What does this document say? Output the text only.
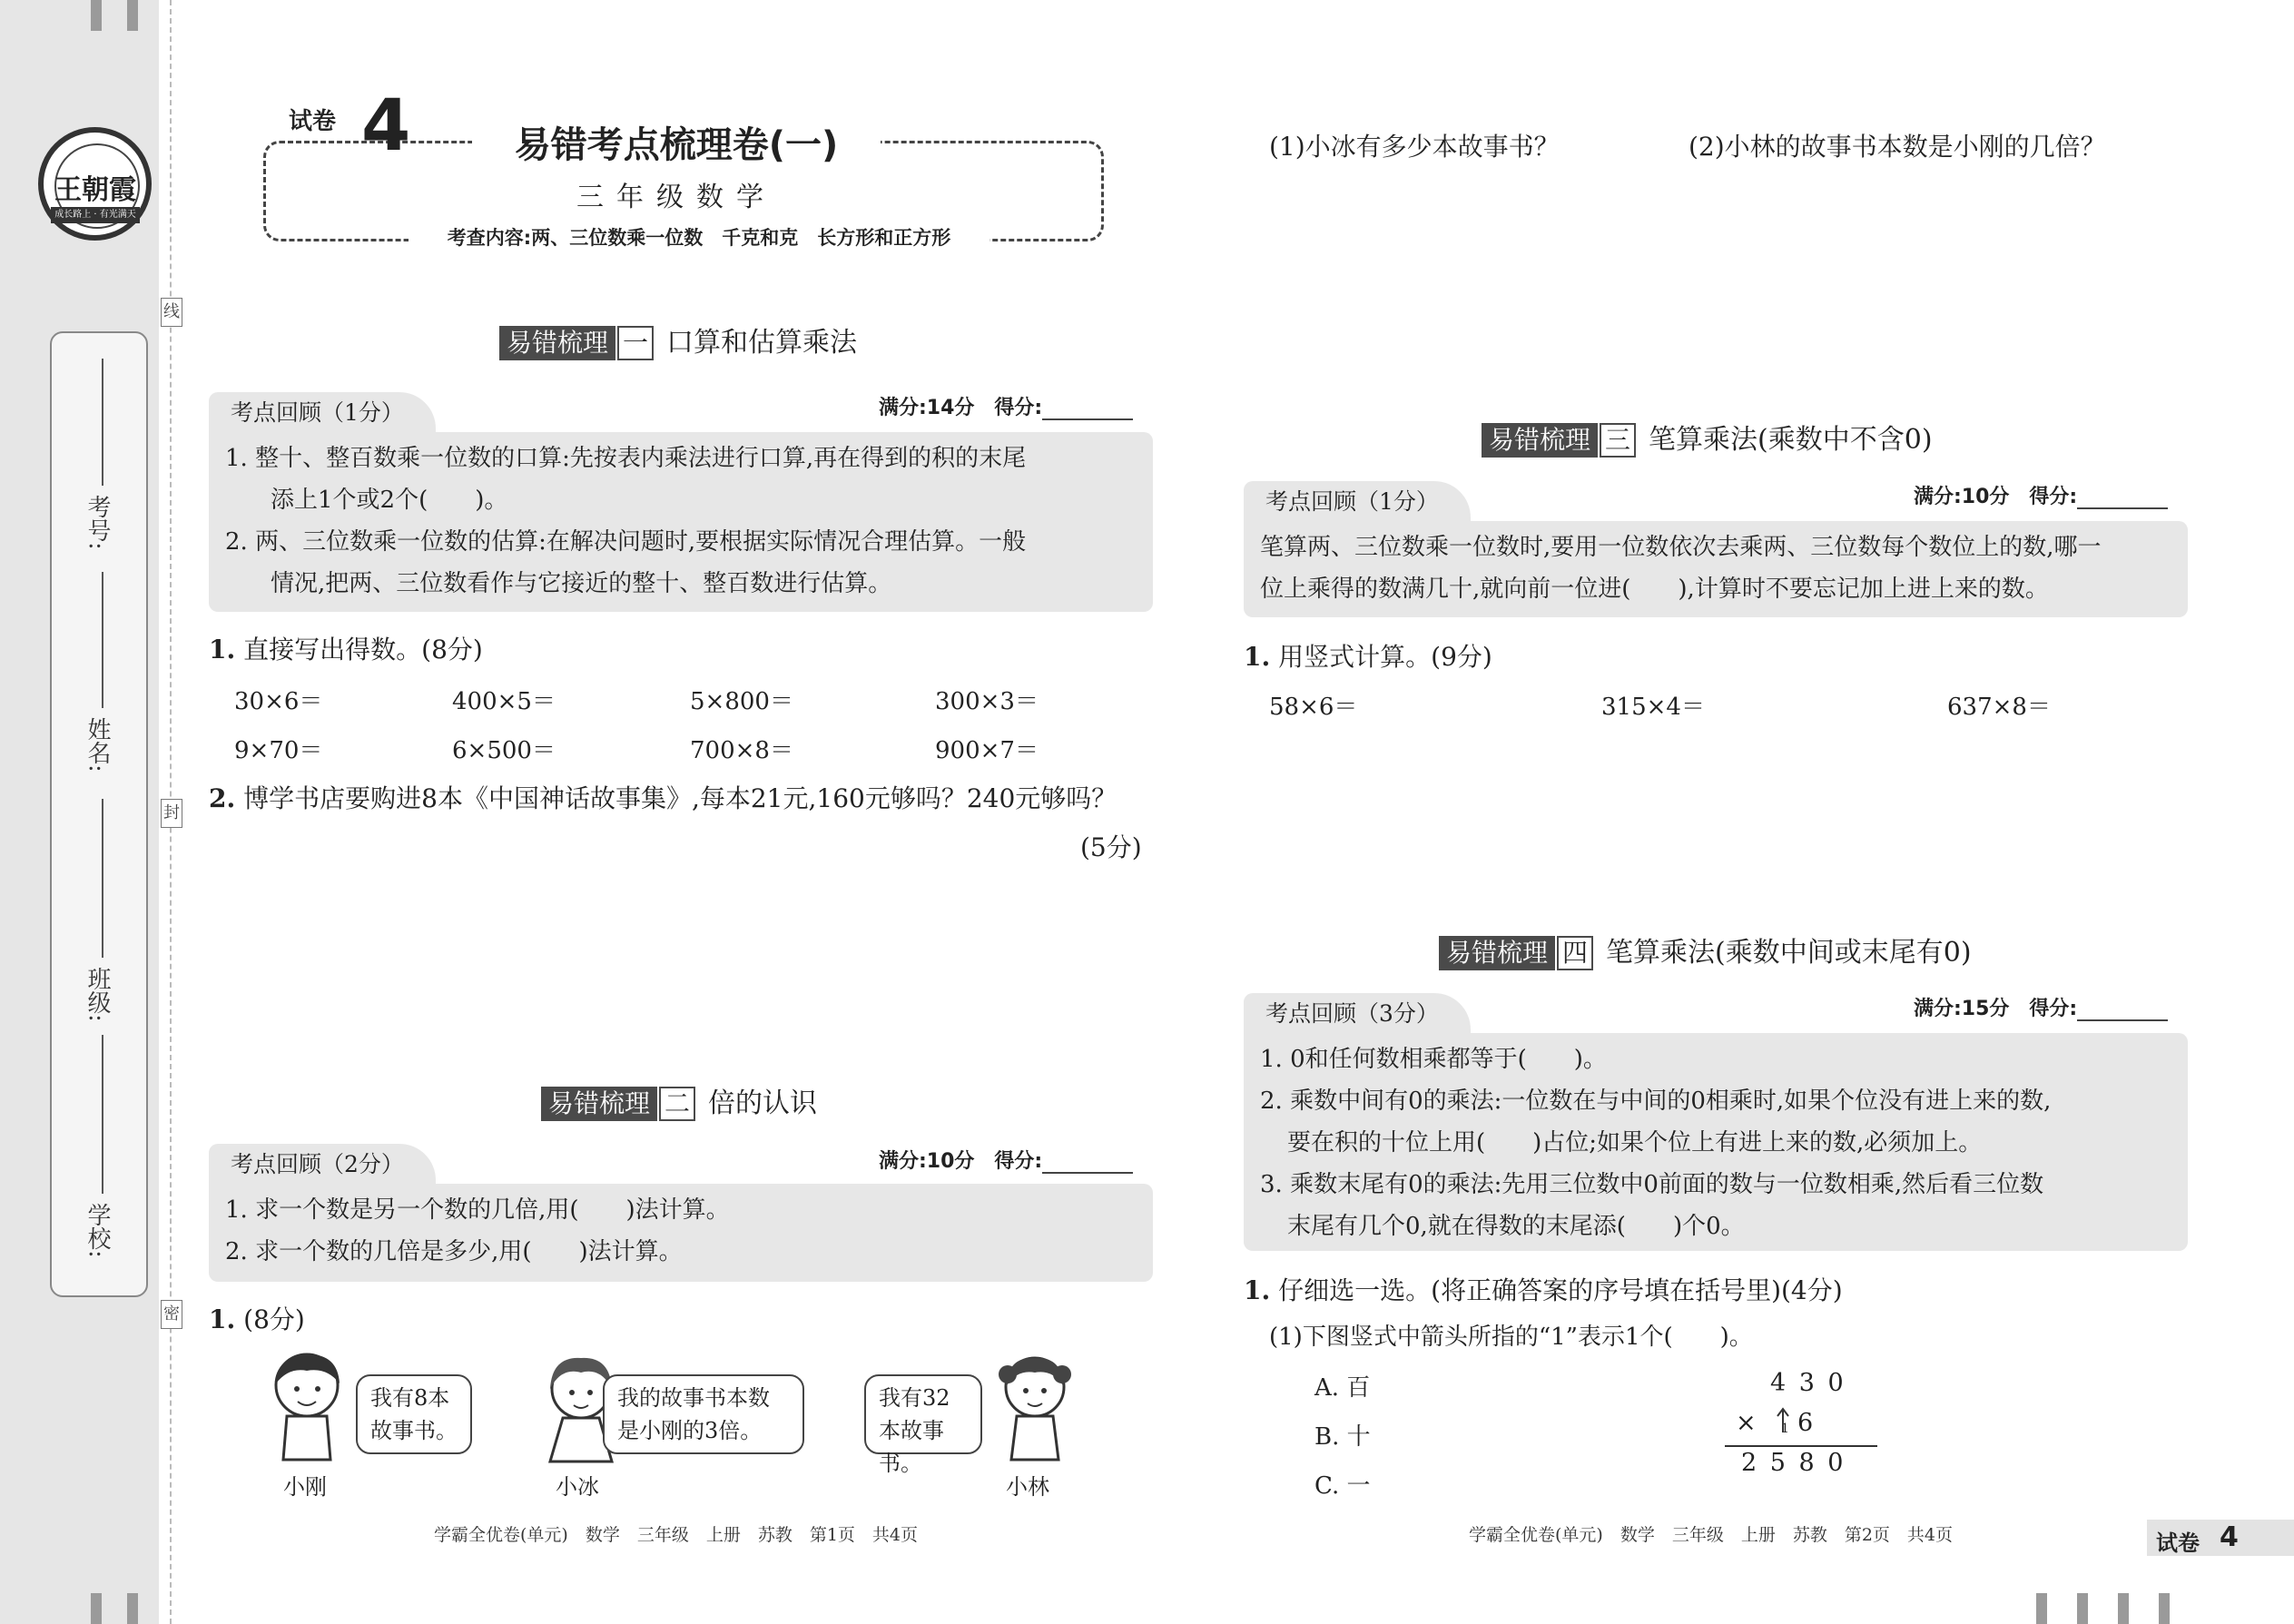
王朝霞
成长路上 · 有光满天
考号:
姓名:
班级:
学校:
线
封
密
试卷 4	易错考点梳理卷(一)
三年级数学
考查内容:两、三位数乘一位数　千克和克　长方形和正方形
易错梳理 一 口算和估算乘法
考点回顾（1分）	满分:14分　得分:
1. 整十、整百数乘一位数的口算:先按表内乘法进行口算,再在得到的积的末尾
添上1个或2个(　　)。
2. 两、三位数乘一位数的估算:在解决问题时,要根据实际情况合理估算。一般
情况,把两、三位数看作与它接近的整十、整百数进行估算。
1. 直接写出得数。(8分)
30×6＝	400×5＝	5×800＝	300×3＝
9×70＝	6×500＝	700×8＝	900×7＝
2. 博学书店要购进8本《中国神话故事集》,每本21元,160元够吗？240元够吗？
(5分)
易错梳理 二 倍的认识
考点回顾（2分）	满分:10分　得分:
1. 求一个数是另一个数的几倍,用(　　)法计算。
2. 求一个数的几倍是多少,用(　　)法计算。
1. (8分)
我有8本故事书。
小刚
我的故事书本数是小刚的3倍。
小冰
我有32本故事书。
小林
(1)小冰有多少本故事书？	(2)小林的故事书本数是小刚的几倍？
易错梳理 三 笔算乘法(乘数中不含0)
考点回顾（1分）	满分:10分　得分:
笔算两、三位数乘一位数时,要用一位数依次去乘两、三位数每个数位上的数,哪一
位上乘得的数满几十,就向前一位进(　　),计算时不要忘记加上进上来的数。
1. 用竖式计算。(9分)
58×6＝	315×4＝	637×8＝
易错梳理 四 笔算乘法(乘数中间或末尾有0)
考点回顾（3分）	满分:15分　得分:
1. 0和任何数相乘都等于(　　)。
2. 乘数中间有0的乘法:一位数在与中间的0相乘时,如果个位没有进上来的数,
要在积的十位上用(　　)占位;如果个位上有进上来的数,必须加上。
3. 乘数末尾有0的乘法:先用三位数中0前面的数与一位数相乘,然后看三位数
末尾有几个0,就在得数的末尾添(　　)个0。
1. 仔细选一选。(将正确答案的序号填在括号里)(4分)
(1)下图竖式中箭头所指的“1”表示1个(　　)。
A. 百
B. 十
C. 一
4 3 0
× 1 6
2 5 8 0
学霸全优卷(单元)　数学　三年级　上册　苏教　第1页　共4页	学霸全优卷(单元)　数学　三年级　上册　苏教　第2页　共4页	试卷 4
